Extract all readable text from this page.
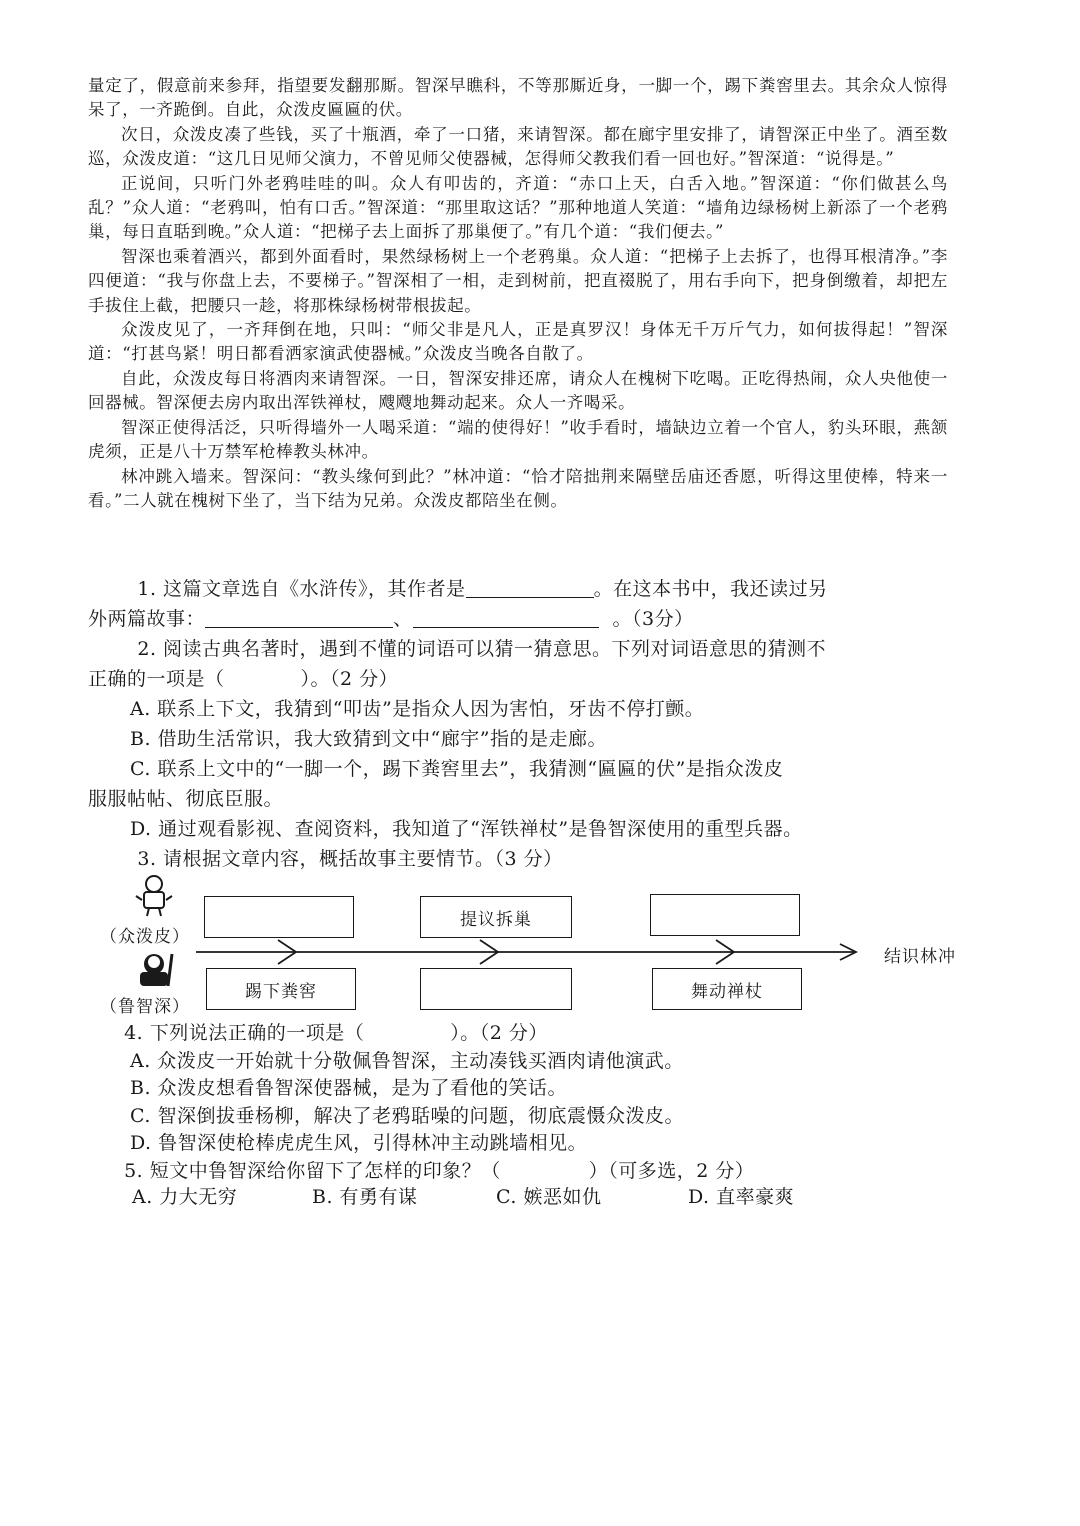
量定了，假意前来参拜，指望要发翻那厮。智深早瞧科，不等那厮近身，一脚一个，踢下粪窖里去。其余众人惊得呆了，一齐跪倒。自此，众泼皮匾匾的伏。

次日，众泼皮凑了些钱，买了十瓶酒，牵了一口猪，来请智深。都在廊宇里安排了，请智深正中坐了。酒至数巡，众泼皮道：“这几日见师父演力，不曾见师父使器械，怎得师父教我们看一回也好。”智深道：“说得是。”

正说间，只听门外老鸦哇哇的叫。众人有叩齿的，齐道：“赤口上天，白舌入地。”智深道：“你们做甚么鸟乱？”众人道：“老鸦叫，怕有口舌。”智深道：“那里取这话？”那种地道人笑道：“墙角边绿杨树上新添了一个老鸦巢，每日直聒到晚。”众人道：“把梯子去上面拆了那巢便了。”有几个道：“我们便去。”

智深也乘着酒兴，都到外面看时，果然绿杨树上一个老鸦巢。众人道：“把梯子上去拆了，也得耳根清净。”李四便道：“我与你盘上去，不要梯子。”智深相了一相，走到树前，把直裰脱了，用右手向下，把身倒缴着，却把左手拔住上截，把腰只一趁，将那株绿杨树带根拔起。

众泼皮见了，一齐拜倒在地，只叫：“师父非是凡人，正是真罗汉！身体无千万斤气力，如何拔得起！”智深道：“打甚鸟紧！明日都看洒家演武使器械。”众泼皮当晚各自散了。

自此，众泼皮每日将酒肉来请智深。一日，智深安排还席，请众人在槐树下吃喝。正吃得热闹，众人央他使一回器械。智深便去房内取出浑铁禅杖，飕飕地舞动起来。众人一齐喝采。

智深正使得活泛，只听得墙外一人喝采道：“端的使得好！”收手看时，墙缺边立着一个官人，豹头环眼，燕颔虎须，正是八十万禁军枪棒教头林冲。

林冲跳入墙来。智深问：“教头缘何到此？”林冲道：“恰才陪拙荆来隔壁岳庙还香愿，听得这里使棒，特来一看。”二人就在槐树下坐了，当下结为兄弟。众泼皮都陪坐在侧。

1. 这篇文章选自《水浒传》，其作者是	。在这本书中，我还读过另

外两篇故事：	、	。（3分）

2. 阅读古典名著时，遇到不懂的词语可以猜一猜意思。下列对词语意思的猜测不

正确的一项是（	）。（2 分）

A. 联系上下文，我猜到“叩齿”是指众人因为害怕，牙齿不停打颤。

B. 借助生活常识，我大致猜到文中“廊宇”指的是走廊。

C. 联系上文中的“一脚一个，踢下粪窖里去”，我猜测“匾匾的伏”是指众泼皮

服服帖帖、彻底臣服。

D. 通过观看影视、查阅资料，我知道了“浑铁禅杖”是鲁智深使用的重型兵器。

3. 请根据文章内容，概括故事主要情节。（3 分）

（众泼皮）
（鲁智深）
提议拆巢
踢下粪窖	舞动禅杖
结识林冲

4. 下列说法正确的一项是（	）。（2 分）

A. 众泼皮一开始就十分敬佩鲁智深，主动凑钱买酒肉请他演武。

B. 众泼皮想看鲁智深使器械，是为了看他的笑话。

C. 智深倒拔垂杨柳，解决了老鸦聒噪的问题，彻底震慑众泼皮。

D. 鲁智深使枪棒虎虎生风，引得林冲主动跳墙相见。

5. 短文中鲁智深给你留下了怎样的印象？（	）（可多选，2 分）

A. 力大无穷	B. 有勇有谋	C. 嫉恶如仇	D. 直率豪爽
